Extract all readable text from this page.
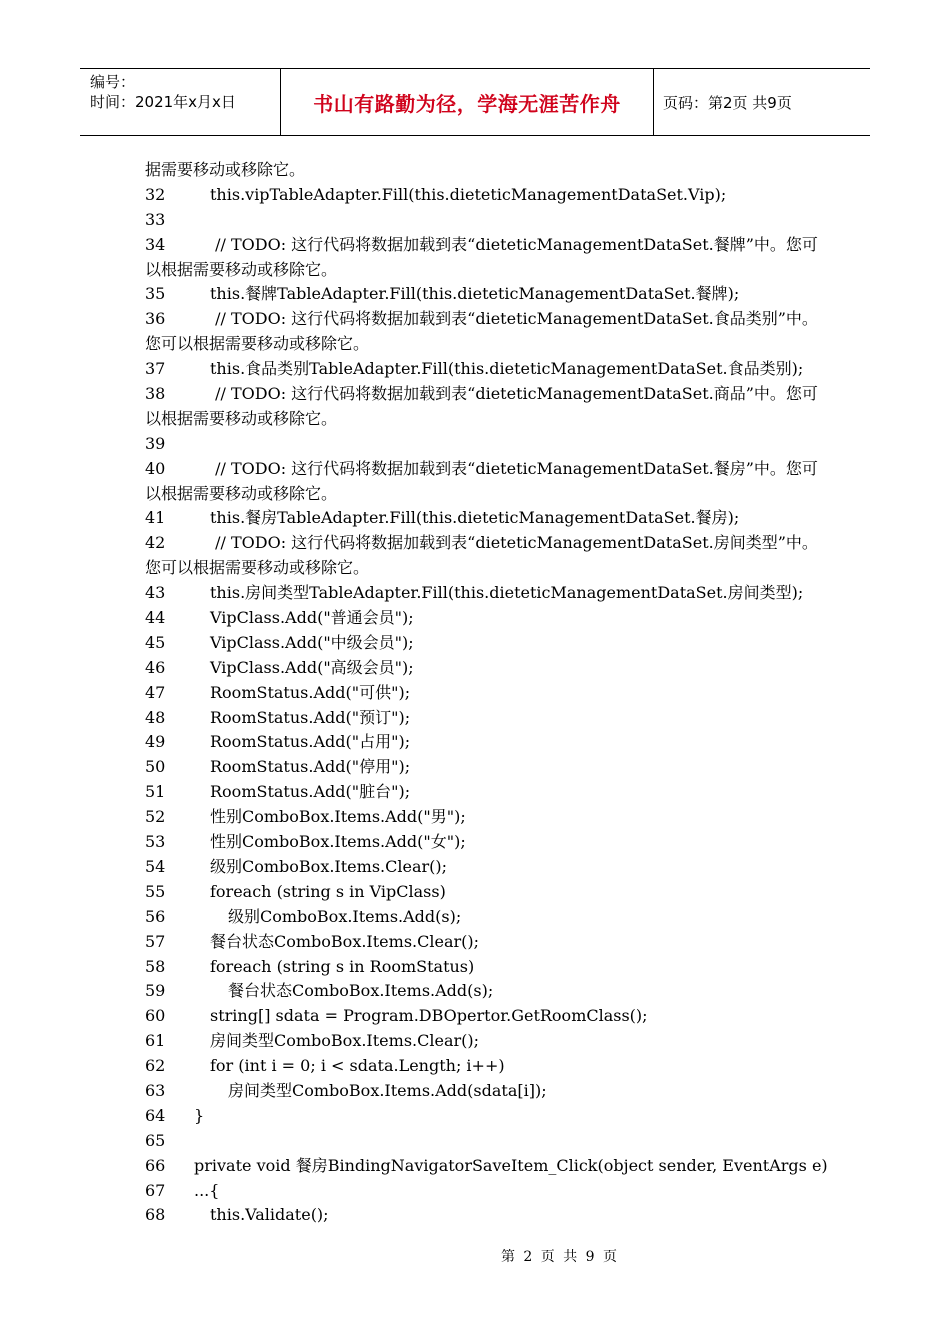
编号：
时间：2021年x月x日	书山有路勤为径，学海无涯苦作舟	页码：第2页 共9页
据需要移动或移除它。
32	this.vipTableAdapter.Fill(this.dieteticManagementDataSet.Vip);
33
34	// TODO: 这行代码将数据加载到表“dieteticManagementDataSet.餐牌”中。您可
以根据需要移动或移除它。
35	this.餐牌TableAdapter.Fill(this.dieteticManagementDataSet.餐牌);
36	// TODO: 这行代码将数据加载到表“dieteticManagementDataSet.食品类别”中。
您可以根据需要移动或移除它。
37	this.食品类别TableAdapter.Fill(this.dieteticManagementDataSet.食品类别);
38	// TODO: 这行代码将数据加载到表“dieteticManagementDataSet.商品”中。您可
以根据需要移动或移除它。
39
40	// TODO: 这行代码将数据加载到表“dieteticManagementDataSet.餐房”中。您可
以根据需要移动或移除它。
41	this.餐房TableAdapter.Fill(this.dieteticManagementDataSet.餐房);
42	// TODO: 这行代码将数据加载到表“dieteticManagementDataSet.房间类型”中。
您可以根据需要移动或移除它。
43	this.房间类型TableAdapter.Fill(this.dieteticManagementDataSet.房间类型);
44	VipClass.Add("普通会员");
45	VipClass.Add("中级会员");
46	VipClass.Add("高级会员");
47	RoomStatus.Add("可供");
48	RoomStatus.Add("预订");
49	RoomStatus.Add("占用");
50	RoomStatus.Add("停用");
51	RoomStatus.Add("脏台");
52	性别ComboBox.Items.Add("男");
53	性别ComboBox.Items.Add("女");
54	级别ComboBox.Items.Clear();
55	foreach (string s in VipClass)
56	级别ComboBox.Items.Add(s);
57	餐台状态ComboBox.Items.Clear();
58	foreach (string s in RoomStatus)
59	餐台状态ComboBox.Items.Add(s);
60	string[] sdata = Program.DBOpertor.GetRoomClass();
61	房间类型ComboBox.Items.Clear();
62	for (int i = 0; i < sdata.Length; i++)
63	房间类型ComboBox.Items.Add(sdata[i]);
64 }
65
66 private void 餐房BindingNavigatorSaveItem_Click(object sender, EventArgs e)
67 ...{
68	this.Validate();
第 2 页 共 9 页
